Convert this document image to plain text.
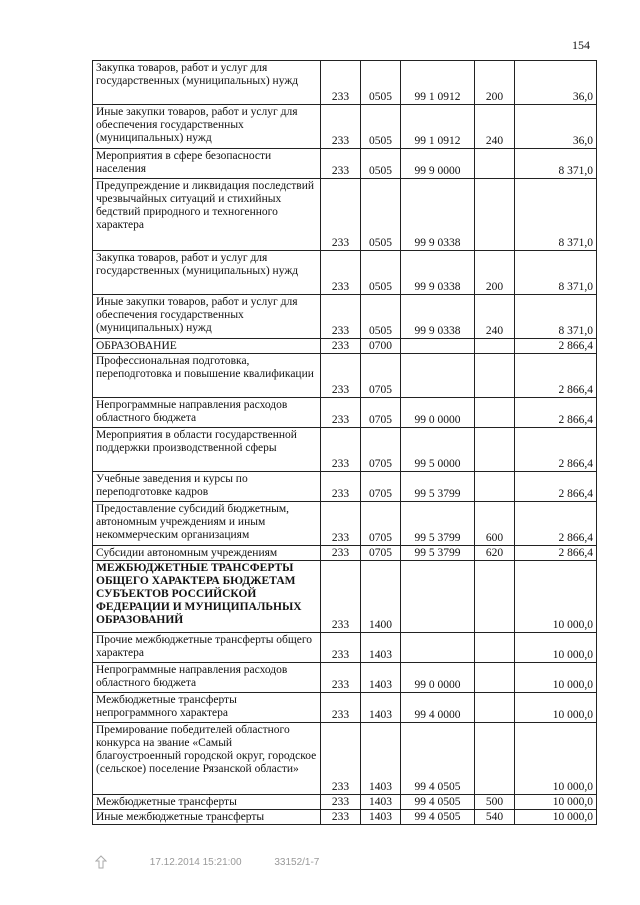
154
Закупка товаров, работ и услуг для государственных (муниципальных) нужд	233	0505	99 1 0912	200	36,0
Иные закупки товаров, работ и услуг для обеспечения государственных (муниципальных) нужд	233	0505	99 1 0912	240	36,0
Мероприятия в сфере безопасности населения	233	0505	99 9 0000		8 371,0
Предупреждение и ликвидация последствий чрезвычайных ситуаций и стихийных бедствий природного и техногенного характера	233	0505	99 9 0338		8 371,0
Закупка товаров, работ и услуг для государственных (муниципальных) нужд	233	0505	99 9 0338	200	8 371,0
Иные закупки товаров, работ и услуг для обеспечения государственных (муниципальных) нужд	233	0505	99 9 0338	240	8 371,0
ОБРАЗОВАНИЕ	233	0700			2 866,4
Профессиональная подготовка, переподготовка и повышение квалификации	233	0705			2 866,4
Непрограммные направления расходов областного бюджета	233	0705	99 0 0000		2 866,4
Мероприятия в области государственной поддержки производственной сферы	233	0705	99 5 0000		2 866,4
Учебные заведения и курсы по переподготовке кадров	233	0705	99 5 3799		2 866,4
Предоставление субсидий бюджетным, автономным учреждениям и иным некоммерческим организациям	233	0705	99 5 3799	600	2 866,4
Субсидии автономным учреждениям	233	0705	99 5 3799	620	2 866,4
МЕЖБЮДЖЕТНЫЕ ТРАНСФЕРТЫ ОБЩЕГО ХАРАКТЕРА БЮДЖЕТАМ СУБЪЕКТОВ РОССИЙСКОЙ ФЕДЕРАЦИИ И МУНИЦИПАЛЬНЫХ ОБРАЗОВАНИЙ	233	1400			10 000,0
Прочие межбюджетные трансферты общего характера	233	1403			10 000,0
Непрограммные направления расходов областного бюджета	233	1403	99 0 0000		10 000,0
Межбюджетные трансферты непрограммного характера	233	1403	99 4 0000		10 000,0
Премирование победителей областного конкурса на звание «Самый благоустроенный городской округ, городское (сельское) поселение Рязанской области»	233	1403	99 4 0505		10 000,0
Межбюджетные трансферты	233	1403	99 4 0505	500	10 000,0
Иные межбюджетные трансферты	233	1403	99 4 0505	540	10 000,0
17.12.2014 15:21:00	33152/1-7
